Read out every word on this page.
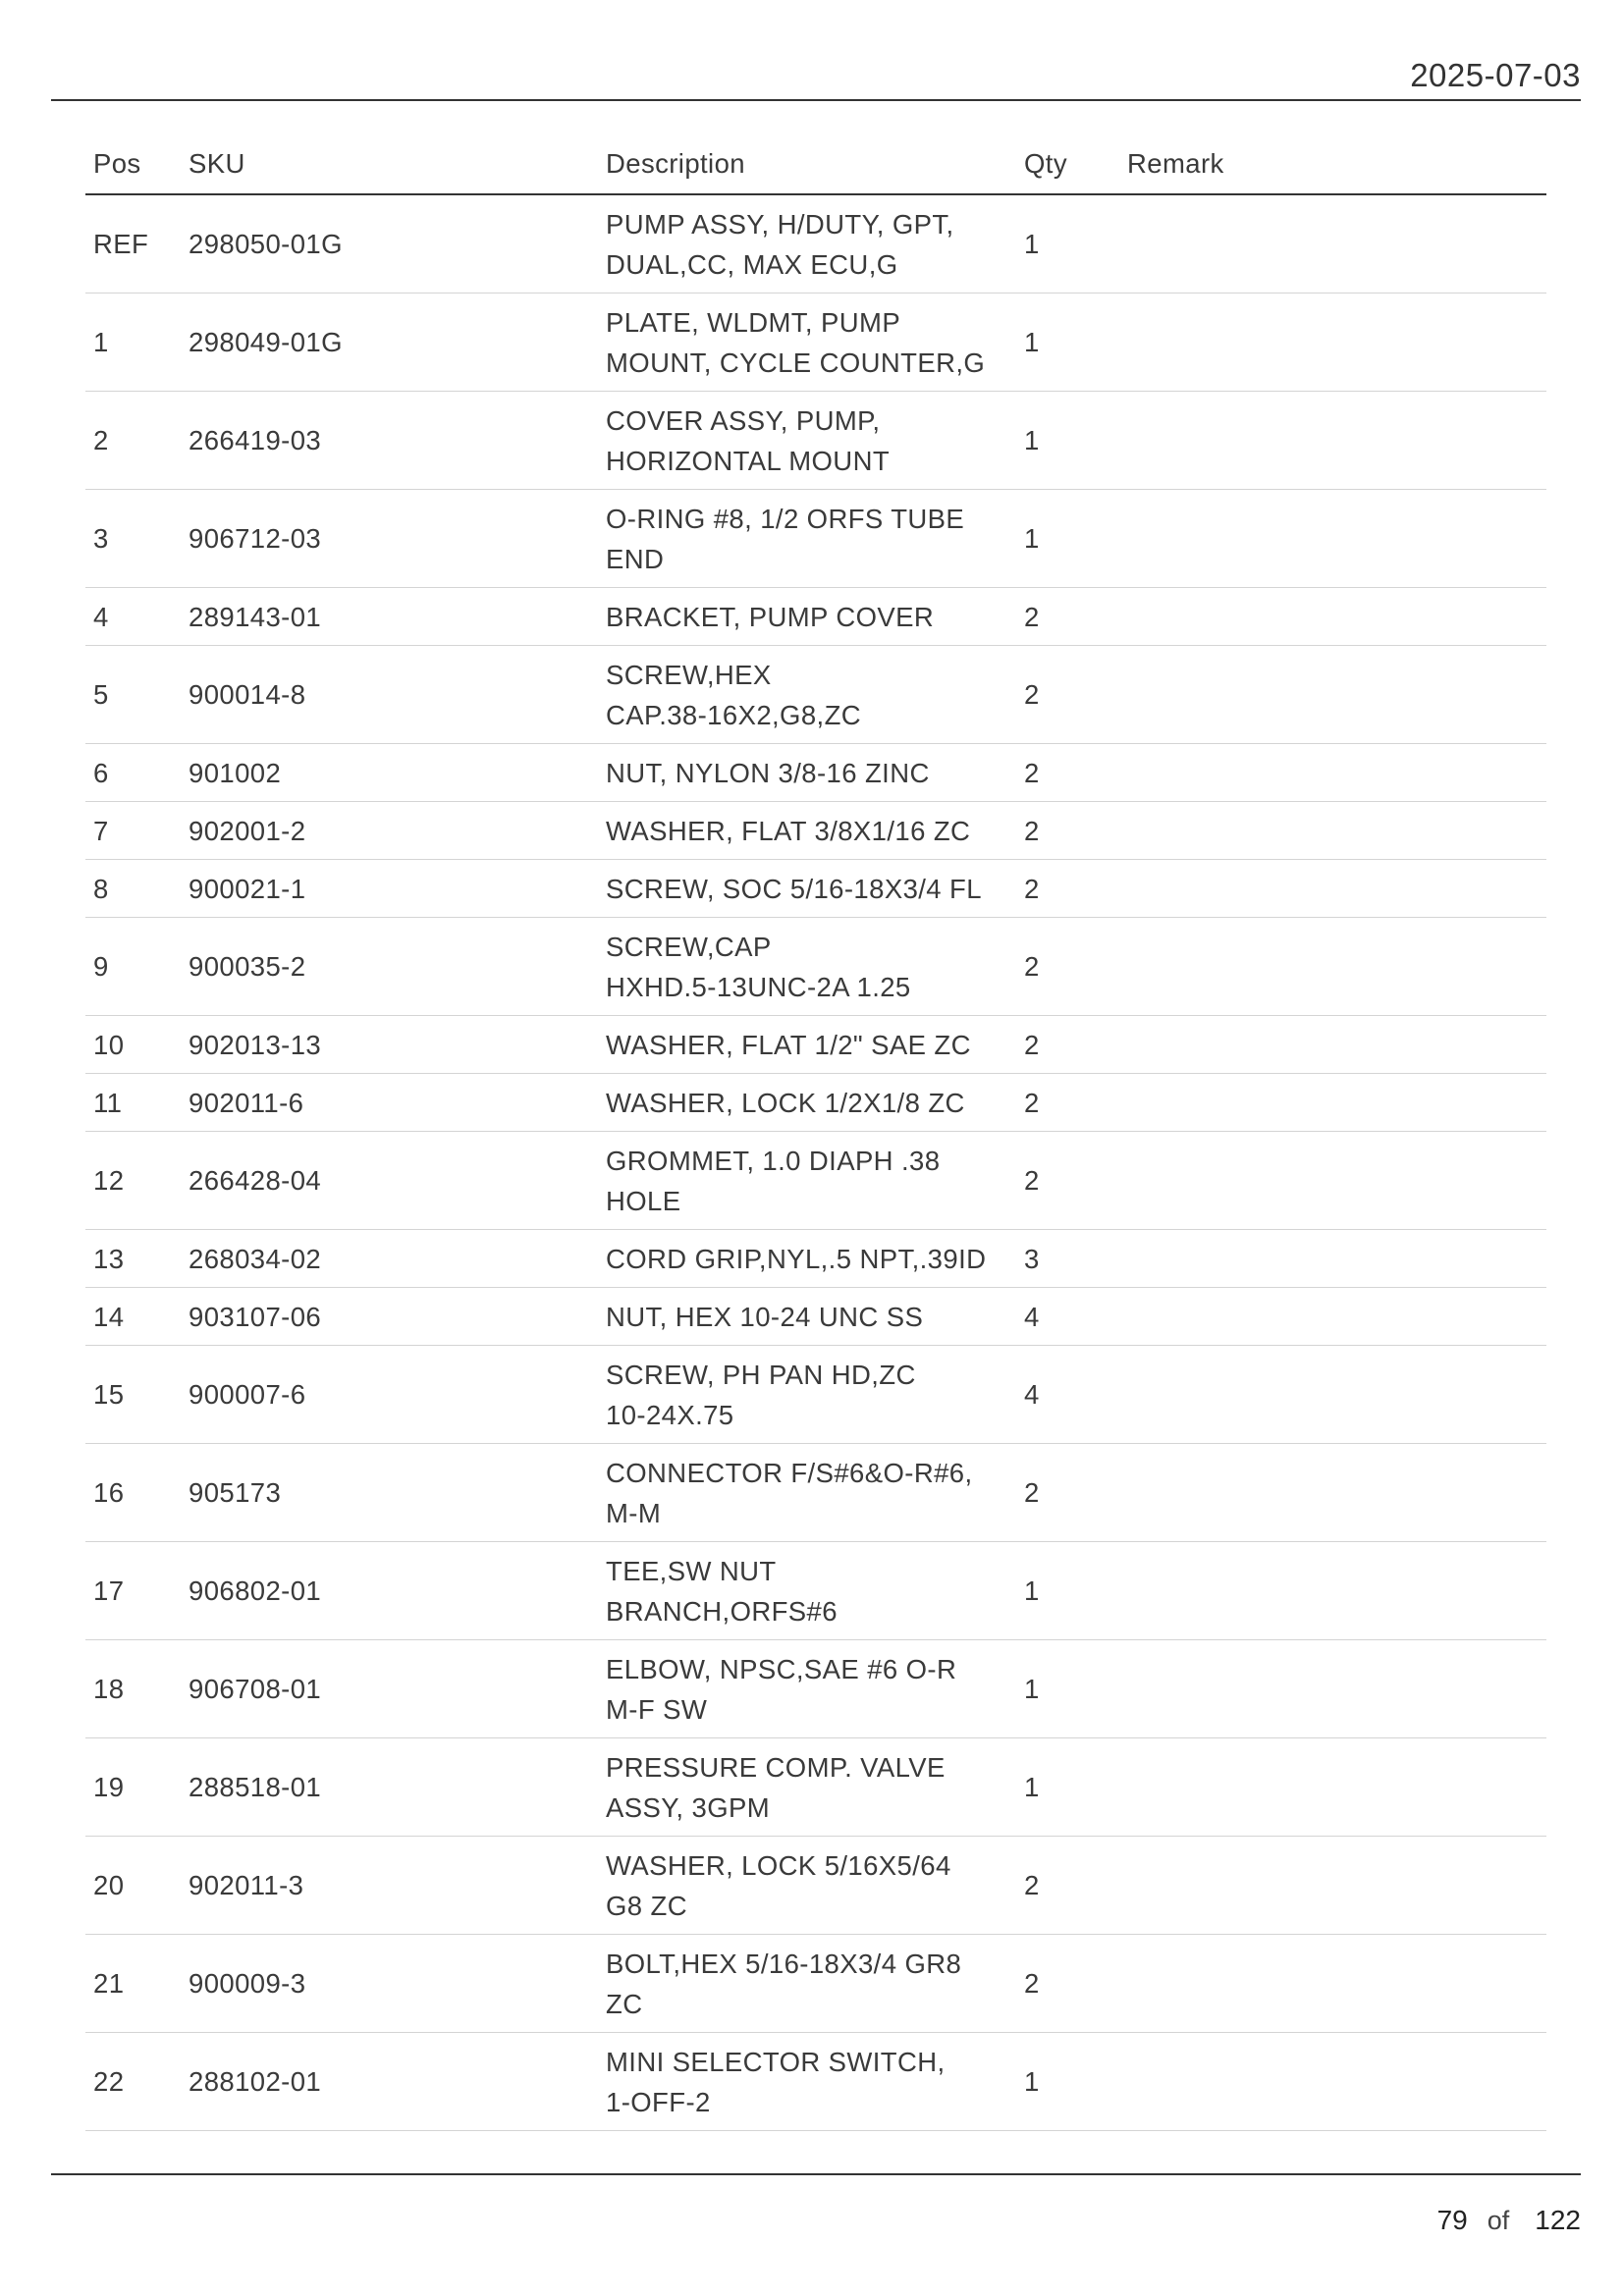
2025-07-03
Pos	SKU	Description	Qty	Remark
REF	298050-01G	PUMP ASSY, H/DUTY, GPT,
DUAL,CC, MAX ECU,G	1	
1	298049-01G	PLATE, WLDMT, PUMP
MOUNT, CYCLE COUNTER,G	1	
2	266419-03	COVER ASSY, PUMP,
HORIZONTAL MOUNT	1	
3	906712-03	O-RING #8, 1/2 ORFS TUBE
END	1	
4	289143-01	BRACKET, PUMP COVER	2	
5	900014-8	SCREW,HEX
CAP.38-16X2,G8,ZC	2	
6	901002	NUT, NYLON 3/8-16 ZINC	2	
7	902001-2	WASHER, FLAT 3/8X1/16 ZC	2	
8	900021-1	SCREW, SOC 5/16-18X3/4 FL	2	
9	900035-2	SCREW,CAP
HXHD.5-13UNC-2A 1.25	2	
10	902013-13	WASHER, FLAT 1/2" SAE ZC	2	
11	902011-6	WASHER, LOCK 1/2X1/8 ZC	2	
12	266428-04	GROMMET, 1.0 DIAPH .38
HOLE	2	
13	268034-02	CORD GRIP,NYL,.5 NPT,.39ID	3	
14	903107-06	NUT, HEX 10-24 UNC SS	4	
15	900007-6	SCREW, PH PAN HD,ZC
10-24X.75	4	
16	905173	CONNECTOR F/S#6&O-R#6,
M-M	2	
17	906802-01	TEE,SW NUT
BRANCH,ORFS#6	1	
18	906708-01	ELBOW, NPSC,SAE #6 O-R
M-F SW	1	
19	288518-01	PRESSURE COMP. VALVE
ASSY, 3GPM	1	
20	902011-3	WASHER, LOCK 5/16X5/64
G8 ZC	2	
21	900009-3	BOLT,HEX 5/16-18X3/4 GR8
ZC	2	
22	288102-01	MINI SELECTOR SWITCH,
1-OFF-2	1	
79 of 122
